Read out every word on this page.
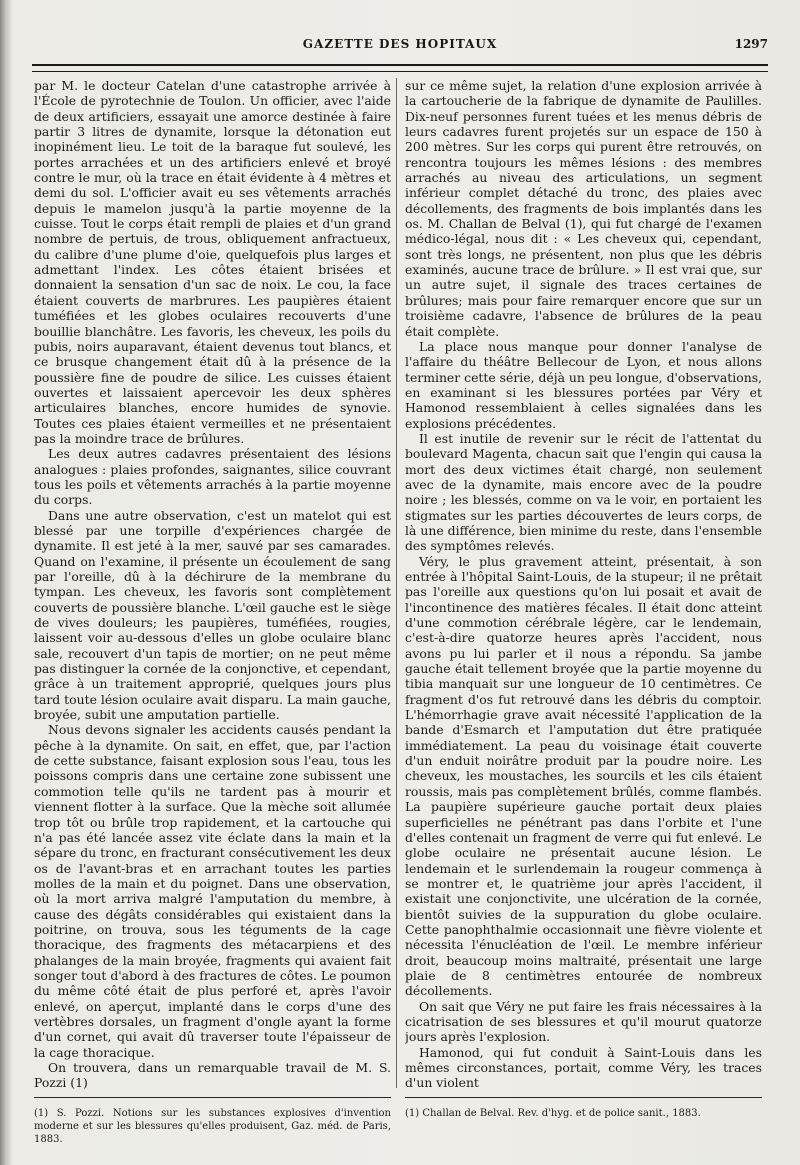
GAZETTE DES HOPITAUX	1297

par M. le docteur Catelan d'une catastrophe arrivée à l'École de pyrotechnie de Toulon. Un officier, avec l'aide de deux artificiers, essayait une amorce destinée à faire partir 3 litres de dynamite, lorsque la détonation eut inopinément lieu. Le toit de la baraque fut soulevé, les portes arrachées et un des artificiers enlevé et broyé contre le mur, où la trace en était évidente à 4 mètres et demi du sol. L'officier avait eu ses vêtements arrachés depuis le mamelon jusqu'à la partie moyenne de la cuisse. Tout le corps était rempli de plaies et d'un grand nombre de pertuis, de trous, obliquement anfractueux, du calibre d'une plume d'oie, quelquefois plus larges et admettant l'index. Les côtes étaient brisées et donnaient la sensation d'un sac de noix. Le cou, la face étaient couverts de marbrures. Les paupières étaient tuméfiées et les globes oculaires recouverts d'une bouillie blanchâtre. Les favoris, les cheveux, les poils du pubis, noirs auparavant, étaient devenus tout blancs, et ce brusque changement était dû à la présence de la poussière fine de poudre de silice. Les cuisses étaient ouvertes et laissaient apercevoir les deux sphères articulaires blanches, encore humides de synovie. Toutes ces plaies étaient vermeilles et ne présentaient pas la moindre trace de brûlures.

Les deux autres cadavres présentaient des lésions analogues : plaies profondes, saignantes, silice couvrant tous les poils et vêtements arrachés à la partie moyenne du corps.

Dans une autre observation, c'est un matelot qui est blessé par une torpille d'expériences chargée de dynamite. Il est jeté à la mer, sauvé par ses camarades. Quand on l'examine, il présente un écoulement de sang par l'oreille, dû à la déchirure de la membrane du tympan. Les cheveux, les favoris sont complètement couverts de poussière blanche. L'œil gauche est le siège de vives douleurs; les paupières, tuméfiées, rougies, laissent voir au-dessous d'elles un globe oculaire blanc sale, recouvert d'un tapis de mortier; on ne peut même pas distinguer la cornée de la conjonctive, et cependant, grâce à un traitement approprié, quelques jours plus tard toute lésion oculaire avait disparu. La main gauche, broyée, subit une amputation partielle.

Nous devons signaler les accidents causés pendant la pêche à la dynamite. On sait, en effet, que, par l'action de cette substance, faisant explosion sous l'eau, tous les poissons compris dans une certaine zone subissent une commotion telle qu'ils ne tardent pas à mourir et viennent flotter à la surface. Que la mèche soit allumée trop tôt ou brûle trop rapidement, et la cartouche qui n'a pas été lancée assez vite éclate dans la main et la sépare du tronc, en fracturant consécutivement les deux os de l'avant-bras et en arrachant toutes les parties molles de la main et du poignet. Dans une observation, où la mort arriva malgré l'amputation du membre, à cause des dégâts considérables qui existaient dans la poitrine, on trouva, sous les téguments de la cage thoracique, des fragments des métacarpiens et des phalanges de la main broyée, fragments qui avaient fait songer tout d'abord à des fractures de côtes. Le poumon du même côté était de plus perforé et, après l'avoir enlevé, on aperçut, implanté dans le corps d'une des vertèbres dorsales, un fragment d'ongle ayant la forme d'un cornet, qui avait dû traverser toute l'épaisseur de la cage thoracique.

On trouvera, dans un remarquable travail de M. S. Pozzi (1)

sur ce même sujet, la relation d'une explosion arrivée à la cartoucherie de la fabrique de dynamite de Paulilles. Dix-neuf personnes furent tuées et les menus débris de leurs cadavres furent projetés sur un espace de 150 à 200 mètres. Sur les corps qui purent être retrouvés, on rencontra toujours les mêmes lésions : des membres arrachés au niveau des articulations, un segment inférieur complet détaché du tronc, des plaies avec décollements, des fragments de bois implantés dans les os. M. Challan de Belval (1), qui fut chargé de l'examen médico-légal, nous dit : « Les cheveux qui, cependant, sont très longs, ne présentent, non plus que les débris examinés, aucune trace de brûlure. » Il est vrai que, sur un autre sujet, il signale des traces certaines de brûlures; mais pour faire remarquer encore que sur un troisième cadavre, l'absence de brûlures de la peau était complète.

La place nous manque pour donner l'analyse de l'affaire du théâtre Bellecour de Lyon, et nous allons terminer cette série, déjà un peu longue, d'observations, en examinant si les blessures portées par Véry et Hamonod ressemblaient à celles signalées dans les explosions précédentes.

Il est inutile de revenir sur le récit de l'attentat du boulevard Magenta, chacun sait que l'engin qui causa la mort des deux victimes était chargé, non seulement avec de la dynamite, mais encore avec de la poudre noire ; les blessés, comme on va le voir, en portaient les stigmates sur les parties découvertes de leurs corps, de là une différence, bien minime du reste, dans l'ensemble des symptômes relevés.

Véry, le plus gravement atteint, présentait, à son entrée à l'hôpital Saint-Louis, de la stupeur; il ne prêtait pas l'oreille aux questions qu'on lui posait et avait de l'incontinence des matières fécales. Il était donc atteint d'une commotion cérébrale légère, car le lendemain, c'est-à-dire quatorze heures après l'accident, nous avons pu lui parler et il nous a répondu. Sa jambe gauche était tellement broyée que la partie moyenne du tibia manquait sur une longueur de 10 centimètres. Ce fragment d'os fut retrouvé dans les débris du comptoir. L'hémorrhagie grave avait nécessité l'application de la bande d'Esmarch et l'amputation dut être pratiquée immédiatement. La peau du voisinage était couverte d'un enduit noirâtre produit par la poudre noire. Les cheveux, les moustaches, les sourcils et les cils étaient roussis, mais pas complètement brûlés, comme flambés. La paupière supérieure gauche portait deux plaies superficielles ne pénétrant pas dans l'orbite et l'une d'elles contenait un fragment de verre qui fut enlevé. Le globe oculaire ne présentait aucune lésion. Le lendemain et le surlendemain la rougeur commença à se montrer et, le quatrième jour après l'accident, il existait une conjonctivite, une ulcération de la cornée, bientôt suivies de la suppuration du globe oculaire. Cette panophthalmie occasionnait une fièvre violente et nécessita l'énucléation de l'œil. Le membre inférieur droit, beaucoup moins maltraité, présentait une large plaie de 8 centimètres entourée de nombreux décollements.

On sait que Véry ne put faire les frais nécessaires à la cicatrisation de ses blessures et qu'il mourut quatorze jours après l'explosion.

Hamonod, qui fut conduit à Saint-Louis dans les mêmes circonstances, portait, comme Véry, les traces d'un violent

(1) S. Pozzi. Notions sur les substances explosives d'invention moderne et sur les blessures qu'elles produisent, Gaz. méd. de Paris, 1883.
(1) Challan de Belval. Rev. d'hyg. et de police sanit., 1883.
